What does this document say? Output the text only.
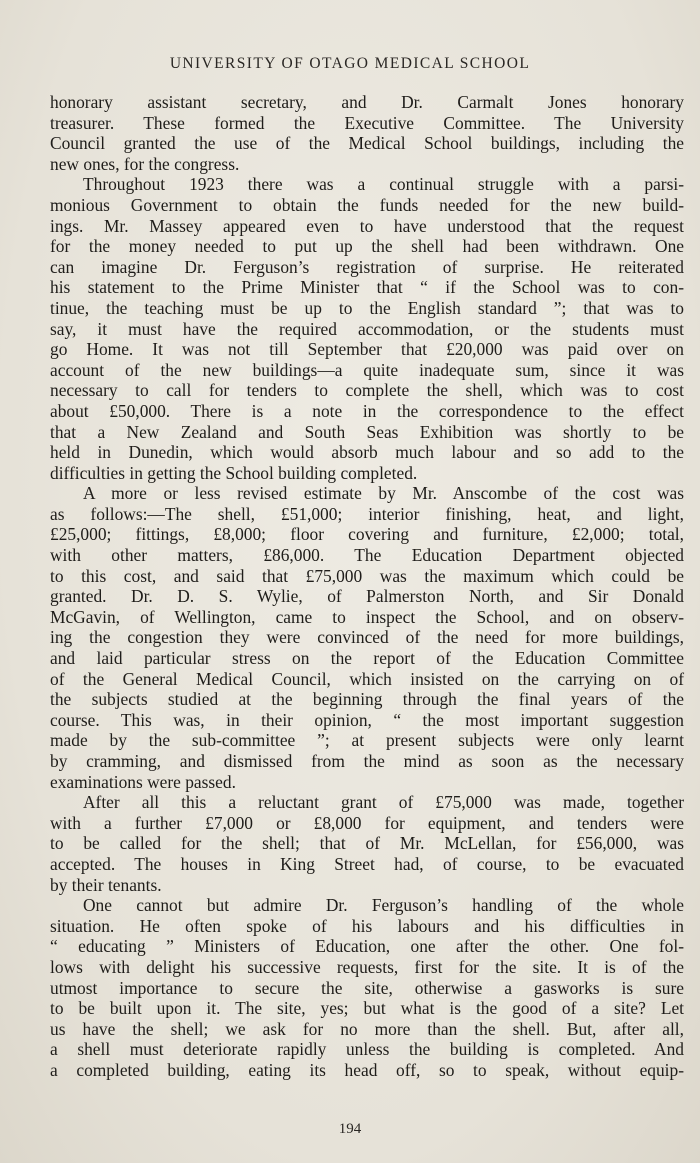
UNIVERSITY OF OTAGO MEDICAL SCHOOL
honorary assistant secretary, and Dr. Carmalt Jones honorary
treasurer. These formed the Executive Committee. The University
Council granted the use of the Medical School buildings, including the
new ones, for the congress.
Throughout 1923 there was a continual struggle with a parsi-
monious Government to obtain the funds needed for the new build-
ings. Mr. Massey appeared even to have understood that the request
for the money needed to put up the shell had been withdrawn. One
can imagine Dr. Ferguson’s registration of surprise. He reiterated
his statement to the Prime Minister that “ if the School was to con-
tinue, the teaching must be up to the English standard ”; that was to
say, it must have the required accommodation, or the students must
go Home. It was not till September that £20,000 was paid over on
account of the new buildings—a quite inadequate sum, since it was
necessary to call for tenders to complete the shell, which was to cost
about £50,000. There is a note in the correspondence to the effect
that a New Zealand and South Seas Exhibition was shortly to be
held in Dunedin, which would absorb much labour and so add to the
difficulties in getting the School building completed.
A more or less revised estimate by Mr. Anscombe of the cost was
as follows:—The shell, £51,000; interior finishing, heat, and light,
£25,000; fittings, £8,000; floor covering and furniture, £2,000; total,
with other matters, £86,000. The Education Department objected
to this cost, and said that £75,000 was the maximum which could be
granted. Dr. D. S. Wylie, of Palmerston North, and Sir Donald
McGavin, of Wellington, came to inspect the School, and on observ-
ing the congestion they were convinced of the need for more buildings,
and laid particular stress on the report of the Education Committee
of the General Medical Council, which insisted on the carrying on of
the subjects studied at the beginning through the final years of the
course. This was, in their opinion, “ the most important suggestion
made by the sub-committee ”; at present subjects were only learnt
by cramming, and dismissed from the mind as soon as the necessary
examinations were passed.
After all this a reluctant grant of £75,000 was made, together
with a further £7,000 or £8,000 for equipment, and tenders were
to be called for the shell; that of Mr. McLellan, for £56,000, was
accepted. The houses in King Street had, of course, to be evacuated
by their tenants.
One cannot but admire Dr. Ferguson’s handling of the whole
situation. He often spoke of his labours and his difficulties in
“ educating ” Ministers of Education, one after the other. One fol-
lows with delight his successive requests, first for the site. It is of the
utmost importance to secure the site, otherwise a gasworks is sure
to be built upon it. The site, yes; but what is the good of a site? Let
us have the shell; we ask for no more than the shell. But, after all,
a shell must deteriorate rapidly unless the building is completed. And
a completed building, eating its head off, so to speak, without equip-
194
